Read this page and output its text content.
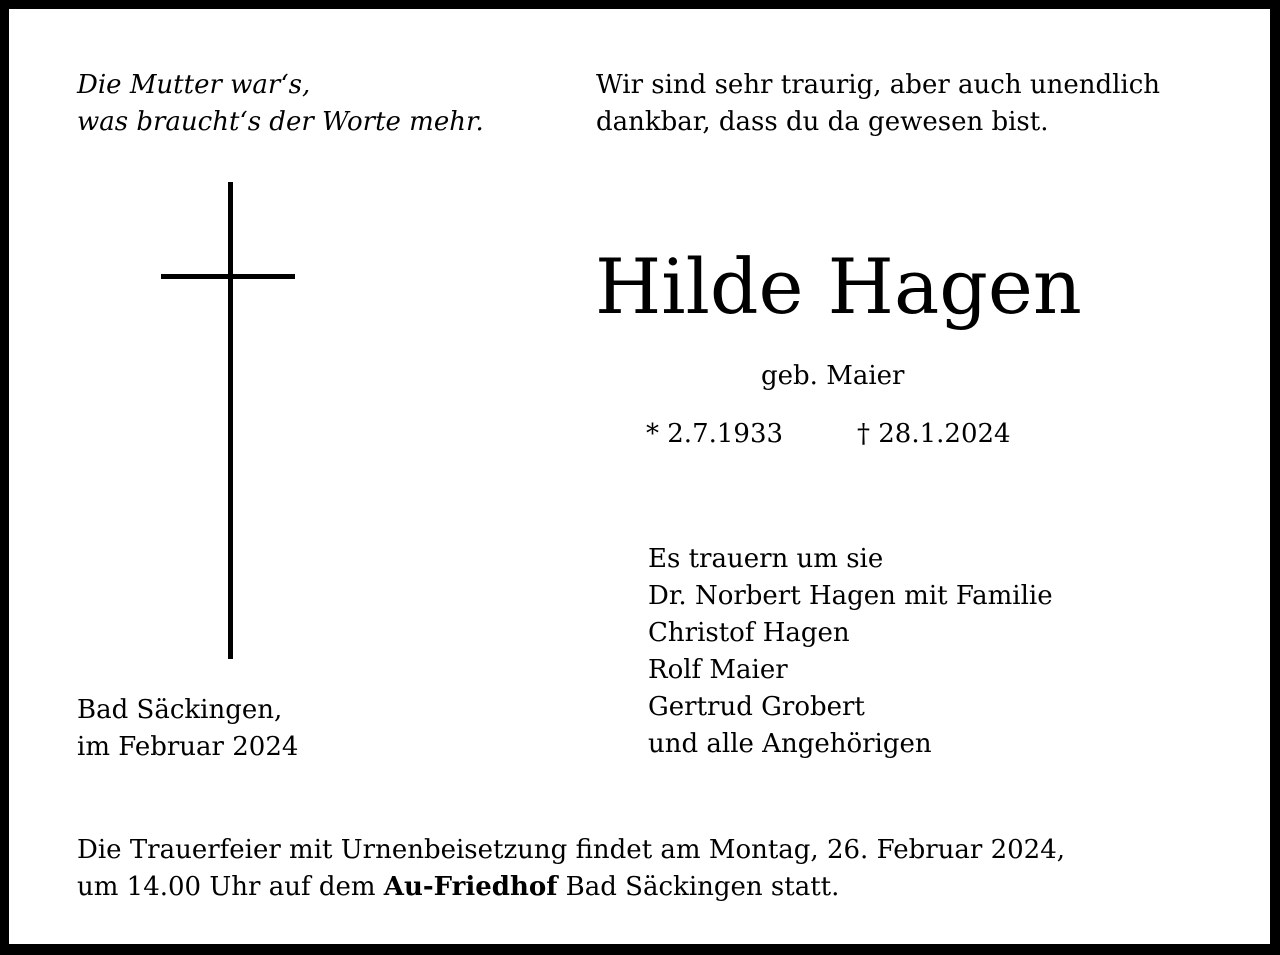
Die Mutter war‘s,
was braucht‘s der Worte mehr.
Wir sind sehr traurig, aber auch unendlich
dankbar, dass du da gewesen bist.
Hilde Hagen
geb. Maier
* 2.7.1933	† 28.1.2024
Es trauern um sie
Dr. Norbert Hagen mit Familie
Christof Hagen
Rolf Maier
Gertrud Grobert
und alle Angehörigen
Bad Säckingen,
im Februar 2024
Die Trauerfeier mit Urnenbeisetzung findet am Montag, 26. Februar 2024,
um 14.00 Uhr auf dem Au-Friedhof Bad Säckingen statt.
